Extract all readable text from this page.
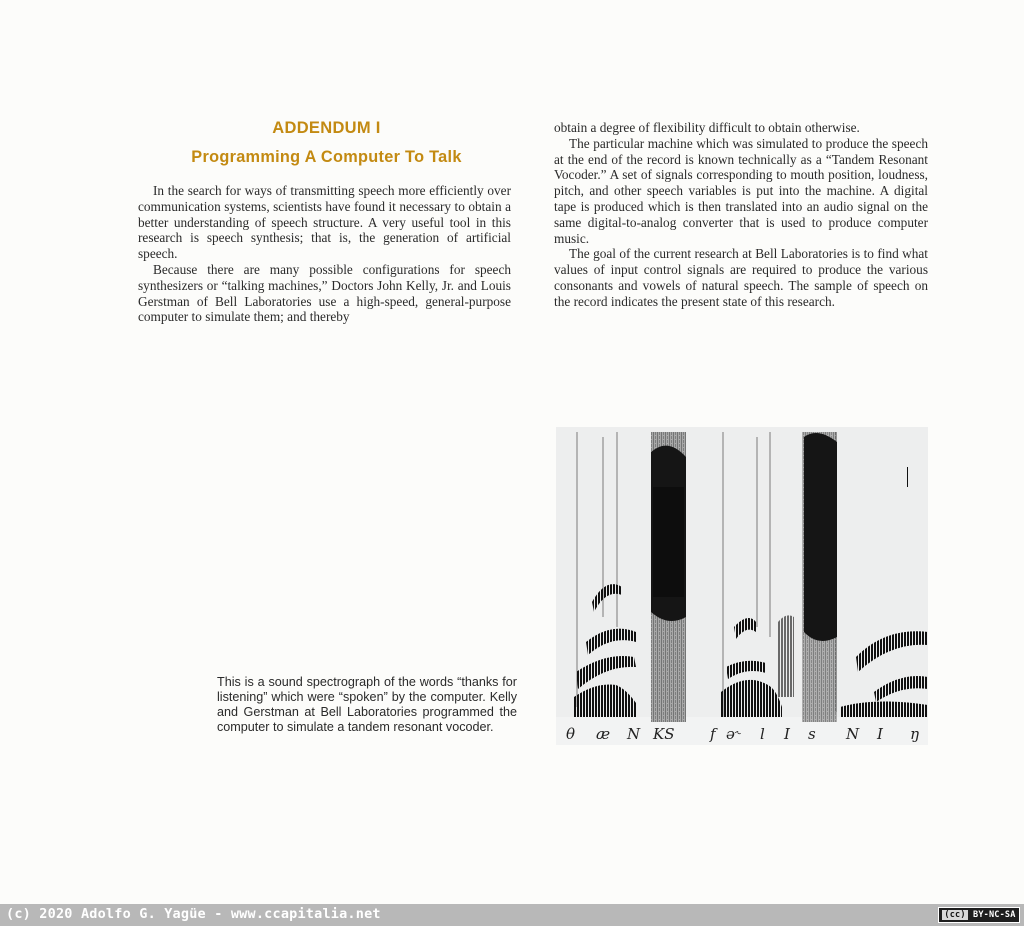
ADDENDUM I
Programming A Computer To Talk

In the search for ways of transmitting speech more efficiently over communication systems, scientists have found it necessary to obtain a better understanding of speech structure. A very useful tool in this research is speech synthesis; that is, the generation of artificial speech.

Because there are many possible configurations for speech synthesizers or “talking machines,” Doctors John Kelly, Jr. and Louis Gerstman of Bell Laboratories use a high-speed, general-purpose computer to simulate them; and thereby

obtain a degree of flexibility difficult to obtain otherwise.

The particular machine which was simulated to produce the speech at the end of the record is known technically as a “Tandem Resonant Vocoder.” A set of signals corresponding to mouth position, loudness, pitch, and other speech variables is put into the machine. A digital tape is produced which is then translated into an audio signal on the same digital-to-analog converter that is used to produce computer music.

The goal of the current research at Bell Laboratories is to find what values of input control signals are required to produce the various consonants and vowels of natural speech. The sample of speech on the record indicates the present state of this research.

This is a sound spectrograph of the words “thanks for listening” which were “spoken” by the computer. Kelly and Gerstman at Bell Laboratories programmed the computer to simulate a tandem resonant vocoder.	θ æ N KS f ə˞ l I s N I ŋ
(c) 2020 Adolfo G. Yagüe - www.ccapitalia.net	(cc) BY-NC-SA
